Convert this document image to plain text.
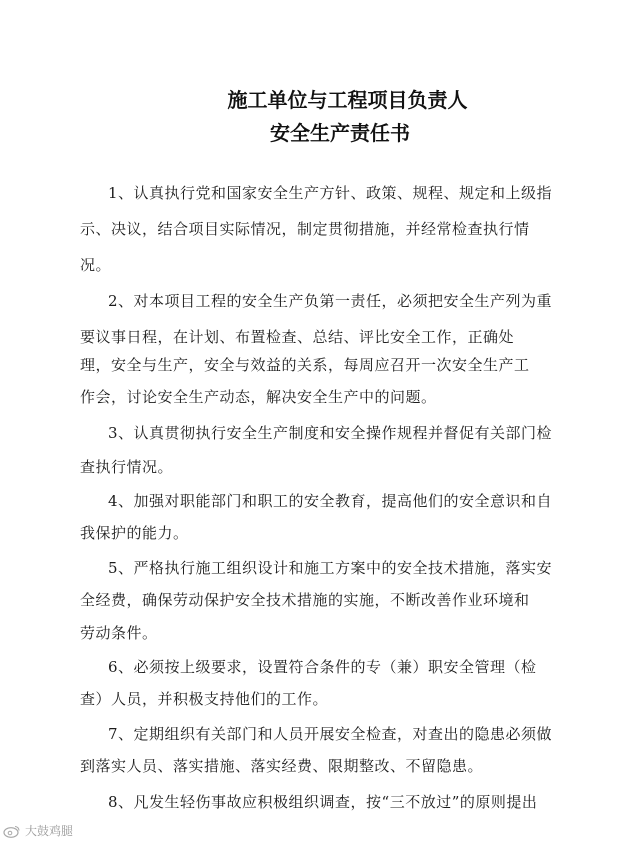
施工单位与工程项目负责人
安全生产责任书
1、认真执行党和国家安全生产方针、政策、规程、规定和上级指
示、决议，结合项目实际情况，制定贯彻措施，并经常检查执行情
况。
2、对本项目工程的安全生产负第一责任，必须把安全生产列为重
要议事日程，在计划、布置检查、总结、评比安全工作，正确处
理，安全与生产，安全与效益的关系，每周应召开一次安全生产工
作会，讨论安全生产动态，解决安全生产中的问题。
3、认真贯彻执行安全生产制度和安全操作规程并督促有关部门检
查执行情况。
4、加强对职能部门和职工的安全教育，提高他们的安全意识和自
我保护的能力。
5、严格执行施工组织设计和施工方案中的安全技术措施，落实安
全经费，确保劳动保护安全技术措施的实施，不断改善作业环境和
劳动条件。
6、必须按上级要求，设置符合条件的专（兼）职安全管理（检
查）人员，并积极支持他们的工作。
7、定期组织有关部门和人员开展安全检查，对查出的隐患必须做
到落实人员、落实措施、落实经费、限期整改、不留隐患。
8、凡发生轻伤事故应积极组织调查，按“三不放过”的原则提出
大鼓鸡腿
